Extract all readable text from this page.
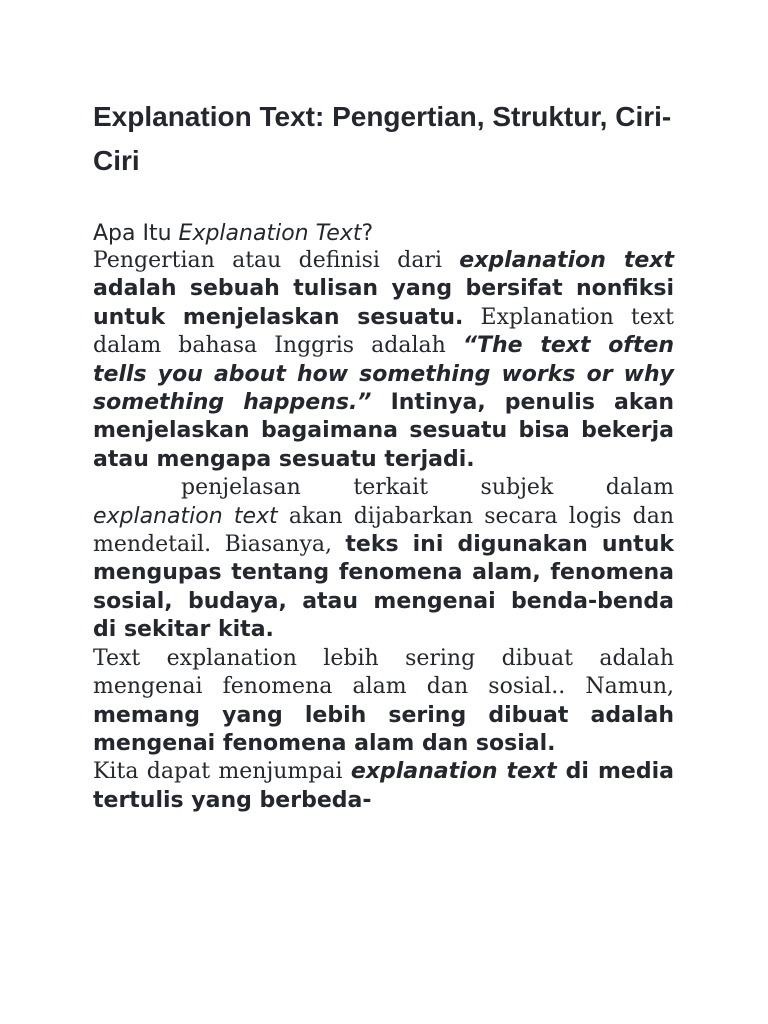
Explanation Text: Pengertian, Struktur, Ciri-Ciri
Apa Itu Explanation Text?

Pengertian atau definisi dari explanation text adalah sebuah tulisan yang bersifat nonfiksi untuk menjelaskan sesuatu. Explanation text dalam bahasa Inggris adalah “The text often tells you about how something works or why something happens.” Intinya, penulis akan menjelaskan bagaimana sesuatu bisa bekerja atau mengapa sesuatu terjadi.

penjelasan terkait subjek dalam explanation text akan dijabarkan secara logis dan mendetail. Biasanya, teks ini digunakan untuk mengupas tentang fenomena alam, fenomena sosial, budaya, atau mengenai benda-benda di sekitar kita.

Text explanation lebih sering dibuat adalah mengenai fenomena alam dan sosial.. Namun, memang yang lebih sering dibuat adalah mengenai fenomena alam dan sosial.

Kita dapat menjumpai explanation text di media tertulis yang berbeda-
